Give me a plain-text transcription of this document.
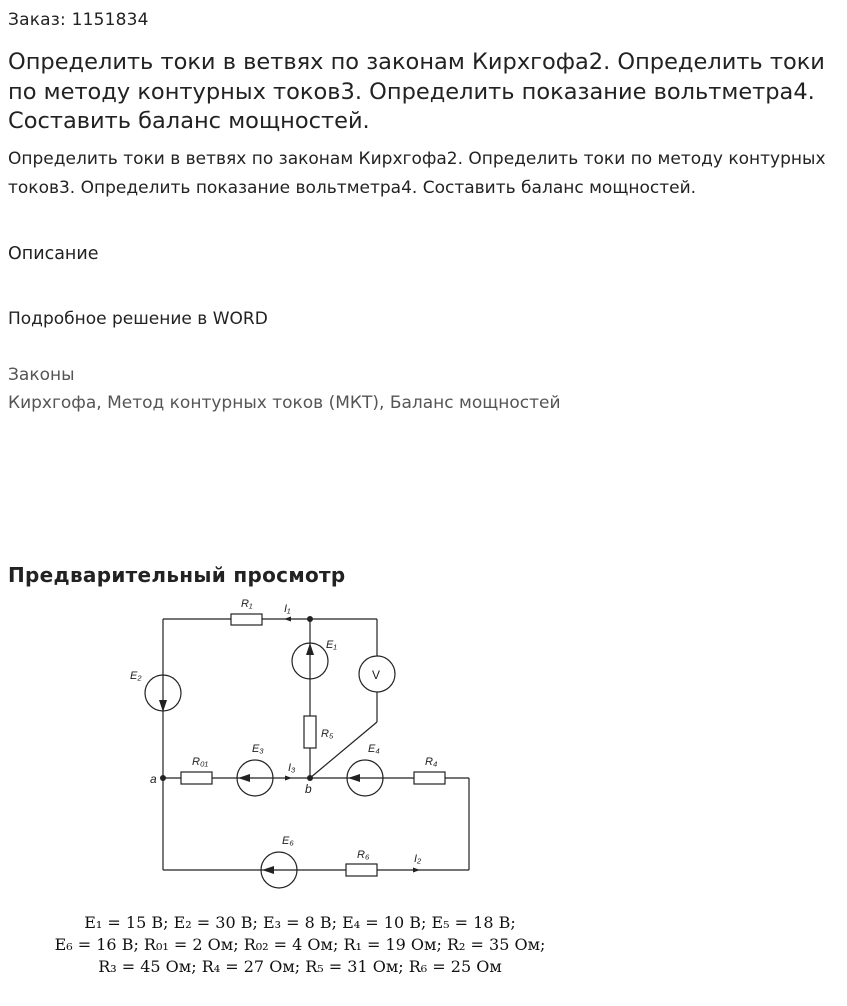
Заказ: 1151834
Определить токи в ветвях по законам Кирхгофа2. Определить токи по методу контурных токов3. Определить показание вольтметра4. Составить баланс мощностей.
Определить токи в ветвях по законам Кирхгофа2. Определить токи по методу контурных токов3. Определить показание вольтметра4. Составить баланс мощностей.
Описание
Подробное решение в WORD
Законы
Кирхгофа, Метод контурных токов (МКТ), Баланс мощностей
Предварительный просмотр
R₁	I₁
E₁
E₂	V
R₅
E₃
R₀₁	I₃
E₄
R₄
a
b
E₆
R₆	I₂
E₁ = 15 В; E₂ = 30 В; E₃ = 8 В; E₄ = 10 В; E₅ = 18 В;
E₆ = 16 В; R₀₁ = 2 Ом; R₀₂ = 4 Ом; R₁ = 19 Ом; R₂ = 35 Ом;
R₃ = 45 Ом; R₄ = 27 Ом; R₅ = 31 Ом; R₆ = 25 Ом
